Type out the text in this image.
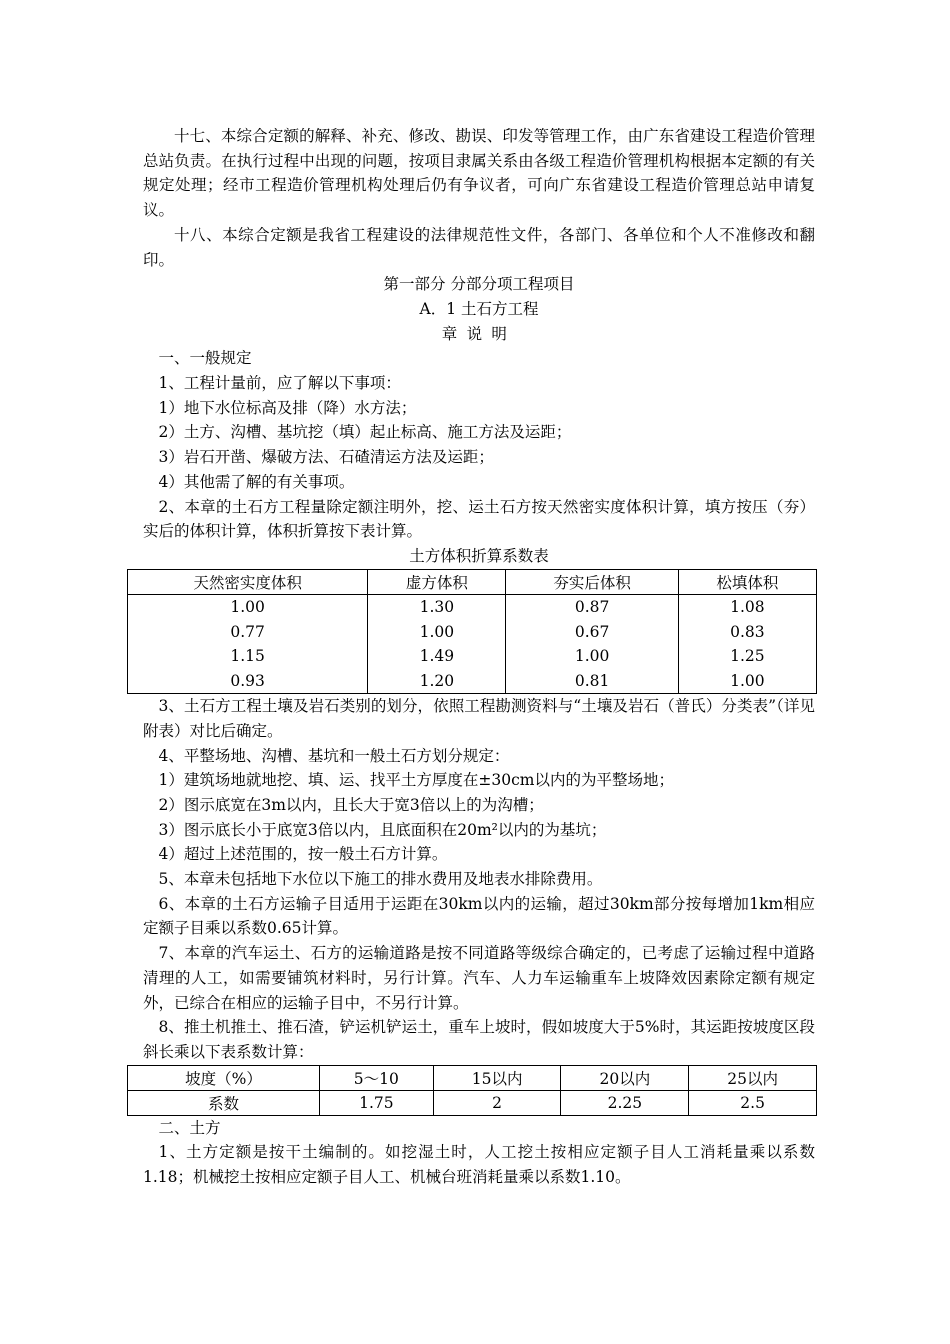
十七、本综合定额的解释、补充、修改、勘误、印发等管理工作，由广东省建设工程造价管理总站负责。在执行过程中出现的问题，按项目隶属关系由各级工程造价管理机构根据本定额的有关规定处理；经市工程造价管理机构处理后仍有争议者，可向广东省建设工程造价管理总站申请复议。

十八、本综合定额是我省工程建设的法律规范性文件，各部门、各单位和个人不准修改和翻印。

第一部分 分部分项工程项目

A．1 土石方工程

章说明

一、一般规定

1、工程计量前，应了解以下事项：

1）地下水位标高及排（降）水方法；

2）土方、沟槽、基坑挖（填）起止标高、施工方法及运距；

3）岩石开凿、爆破方法、石碴清运方法及运距；

4）其他需了解的有关事项。

2、本章的土石方工程量除定额注明外，挖、运土石方按天然密实度体积计算，填方按压（夯）实后的体积计算，体积折算按下表计算。

土方体积折算系数表

天然密实度体积	虚方体积	夯实后体积	松填体积
1.00	1.30	0.87	1.08
0.77	1.00	0.67	0.83
1.15	1.49	1.00	1.25
0.93	1.20	0.81	1.00

3、土石方工程土壤及岩石类别的划分，依照工程勘测资料与“土壤及岩石（普氏）分类表”（详见附表）对比后确定。

4、平整场地、沟槽、基坑和一般土石方划分规定：

1）建筑场地就地挖、填、运、找平土方厚度在±30cm以内的为平整场地；

2）图示底宽在3m以内，且长大于宽3倍以上的为沟槽；

3）图示底长小于底宽3倍以内，且底面积在20m²以内的为基坑；

4）超过上述范围的，按一般土石方计算。

5、本章未包括地下水位以下施工的排水费用及地表水排除费用。

6、本章的土石方运输子目适用于运距在30km以内的运输，超过30km部分按每增加1km相应定额子目乘以系数0.65计算。

7、本章的汽车运土、石方的运输道路是按不同道路等级综合确定的，已考虑了运输过程中道路清理的人工，如需要铺筑材料时，另行计算。汽车、人力车运输重车上坡降效因素除定额有规定外，已综合在相应的运输子目中，不另行计算。

8、推土机推土、推石渣，铲运机铲运土，重车上坡时，假如坡度大于5%时，其运距按坡度区段斜长乘以下表系数计算：

坡度（%）	5～10	15以内	20以内	25以内
系数	1.75	2	2.25	2.5

二、土方

1、土方定额是按干土编制的。如挖湿土时，人工挖土按相应定额子目人工消耗量乘以系数1.18；机械挖土按相应定额子目人工、机械台班消耗量乘以系数1.10。
